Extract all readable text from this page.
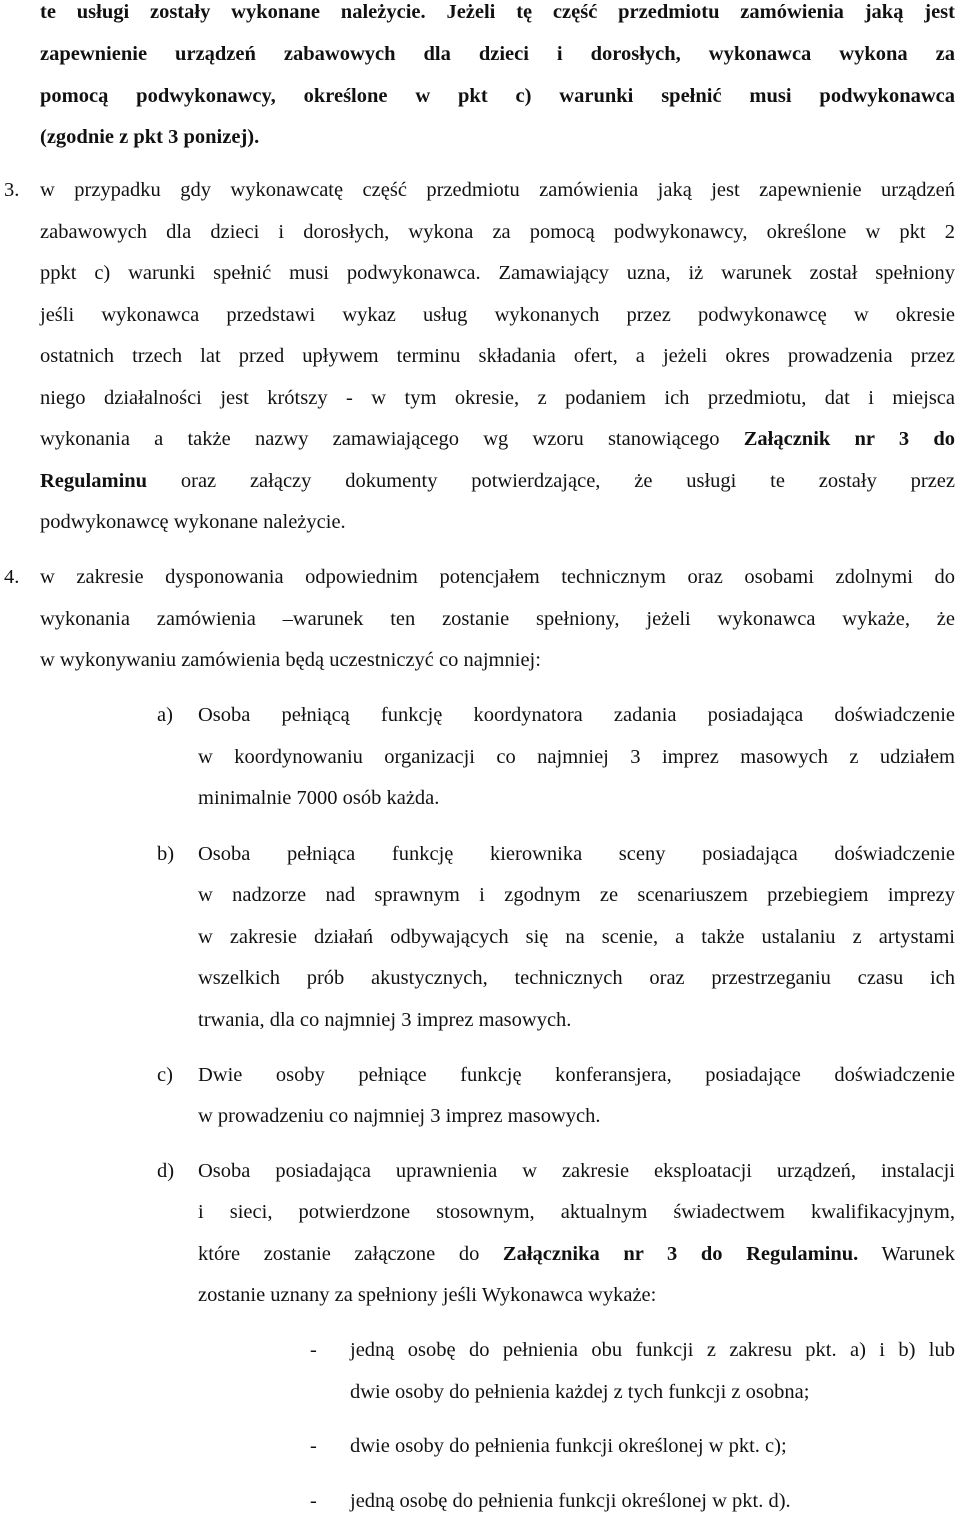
te usługi zostały wykonane należycie. Jeżeli tę część przedmiotu zamówienia jaką jest
zapewnienie urządzeń zabawowych dla dzieci i dorosłych, wykonawca wykona za
pomocą podwykonawcy, określone w pkt c) warunki spełnić musi podwykonawca
(zgodnie z pkt 3 ponizej).
3. w przypadku gdy wykonawcatę część przedmiotu zamówienia jaką jest zapewnienie urządzeń
zabawowych dla dzieci i dorosłych, wykona za pomocą podwykonawcy, określone w pkt 2
ppkt c) warunki spełnić musi podwykonawca. Zamawiający uzna, iż warunek został spełniony
jeśli wykonawca przedstawi wykaz usług wykonanych przez podwykonawcę w okresie
ostatnich trzech lat przed upływem terminu składania ofert, a jeżeli okres prowadzenia przez
niego działalności jest krótszy - w tym okresie, z podaniem ich przedmiotu, dat i miejsca
wykonania a także nazwy zamawiającego wg wzoru stanowiącego Załącznik nr 3 do
Regulaminu oraz załączy dokumenty potwierdzające, że usługi te zostały przez
podwykonawcę wykonane należycie.
4. w zakresie dysponowania odpowiednim potencjałem technicznym oraz osobami zdolnymi do
wykonania zamówienia –warunek ten zostanie spełniony, jeżeli wykonawca wykaże, że
w wykonywaniu zamówienia będą uczestniczyć co najmniej:
a) Osoba pełniącą funkcję koordynatora zadania posiadająca doświadczenie
w koordynowaniu organizacji co najmniej 3 imprez masowych z udziałem
minimalnie 7000 osób każda.
b) Osoba pełniąca funkcję kierownika sceny posiadająca doświadczenie
w nadzorze nad sprawnym i zgodnym ze scenariuszem przebiegiem imprezy
w zakresie działań odbywających się na scenie, a także ustalaniu z artystami
wszelkich prób akustycznych, technicznych oraz przestrzeganiu czasu ich
trwania, dla co najmniej 3 imprez masowych.
c) Dwie osoby pełniące funkcję konferansjera, posiadające doświadczenie
w prowadzeniu co najmniej 3 imprez masowych.
d) Osoba posiadająca uprawnienia w zakresie eksploatacji urządzeń, instalacji
i sieci, potwierdzone stosownym, aktualnym świadectwem kwalifikacyjnym,
które zostanie załączone do Załącznika nr 3 do Regulaminu. Warunek
zostanie uznany za spełniony jeśli Wykonawca wykaże:
- jedną osobę do pełnienia obu funkcji z zakresu pkt. a) i b) lub
dwie osoby do pełnienia każdej z tych funkcji z osobna;
- dwie osoby do pełnienia funkcji określonej w pkt. c);
- jedną osobę do pełnienia funkcji określonej w pkt. d).
